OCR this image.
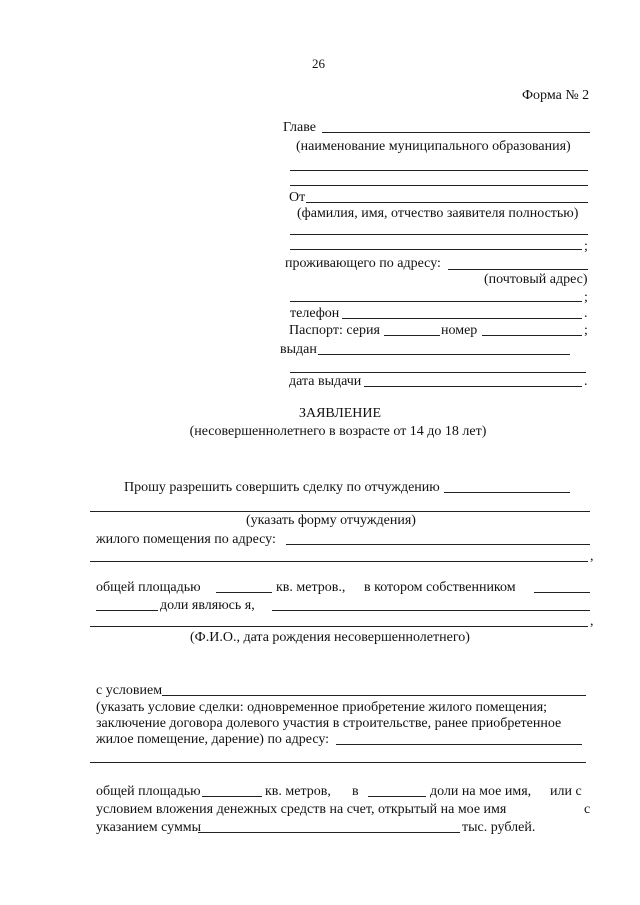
26
Форма № 2
Главе
(наименование муниципального образования)
От
(фамилия, имя, отчество заявителя полностью)
;
проживающего по адресу:
(почтовый адрес)
;
телефон	.
Паспорт: серия	номер	;
выдан
дата выдачи	.
ЗАЯВЛЕНИЕ
(несовершеннолетнего в возрасте от 14 до 18 лет)
Прошу разрешить совершить сделку по отчуждению
(указать форму отчуждения)
жилого помещения по адресу:
,
общей площадью	кв. метров., в котором собственником
доли являюсь я,
,
(Ф.И.О., дата рождения несовершеннолетнего)
с условием
(указать условие сделки: одновременное приобретение жилого помещения;
заключение договора долевого участия в строительстве, ранее приобретенное
жилое помещение, дарение) по адресу:
общей площадью	кв. метров, в	доли на мое имя, или с
условием вложения денежных средств на счет, открытый на мое имя	с
указанием суммы	тыс. рублей.
